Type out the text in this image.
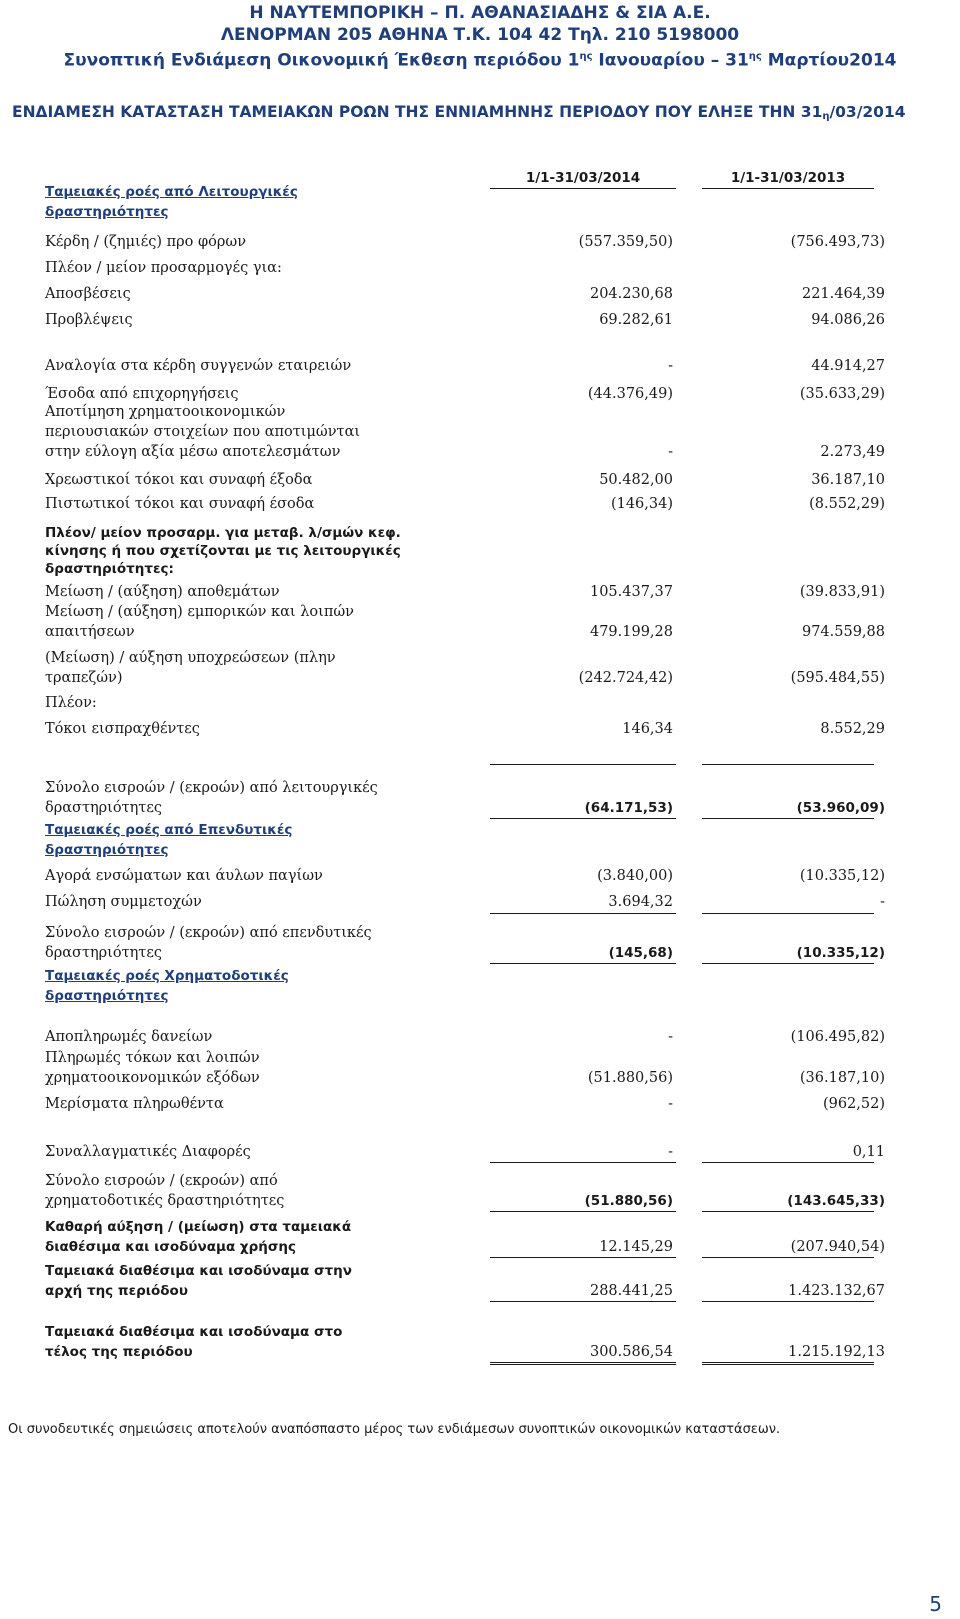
Η ΝΑΥΤΕΜΠΟΡΙΚΗ – Π. ΑΘΑΝΑΣΙΑΔΗΣ & ΣΙΑ Α.Ε.
ΛΕΝΟΡΜΑΝ 205 ΑΘΗΝΑ Τ.Κ. 104 42 Τηλ. 210 5198000
Συνοπτική Ενδιάμεση Οικονομική Έκθεση περιόδου $1^{\eta\varsigma}$ Ιανουαρίου – $31^{\eta\varsigma}$ Μαρτίου2014
ΕΝΔΙΑΜΕΣΗ ΚΑΤΑΣΤΑΣΗ ΤΑΜΕΙΑΚΩΝ ΡΟΩΝ ΤΗΣ ΕΝΝΙΑΜΗΝΗΣ ΠΕΡΙΟΔΟΥ ΠΟΥ ΕΛΗΞΕ ΤΗΝ $31_\eta/03/2014$
1/1-31/03/2014	1/1-31/03/2013
Ταμειακές ροές από Λειτουργικές
δραστηριότητες
Κέρδη / (ζημιές) προ φόρων	(557.359,50)	(756.493,73)
Πλέον / μείον προσαρμογές για:
Αποσβέσεις	204.230,68	221.464,39
Προβλέψεις	69.282,61	94.086,26
Αναλογία στα κέρδη συγγενών εταιρειών	-	44.914,27
Έσοδα από επιχορηγήσεις	(44.376,49)	(35.633,29)
Αποτίμηση χρηματοοικονομικών
περιουσιακών στοιχείων που αποτιμώνται
στην εύλογη αξία μέσω αποτελεσμάτων	-	2.273,49
Χρεωστικοί τόκοι και συναφή έξοδα	50.482,00	36.187,10
Πιστωτικοί τόκοι και συναφή έσοδα	(146,34)	(8.552,29)
Πλέον/ μείον προσαρμ. για μεταβ. λ/σμών κεφ.
κίνησης ή που σχετίζονται με τις λειτουργικές
δραστηριότητες:
Μείωση / (αύξηση) αποθεμάτων	105.437,37	(39.833,91)
Μείωση / (αύξηση) εμπορικών και λοιπών
απαιτήσεων	479.199,28	974.559,88
(Μείωση) / αύξηση υποχρεώσεων (πλην
τραπεζών)	(242.724,42)	(595.484,55)
Πλέον:
Τόκοι εισπραχθέντες	146,34	8.552,29
Σύνολο εισροών / (εκροών) από λειτουργικές
δραστηριότητες	(64.171,53)	(53.960,09)
Ταμειακές ροές από Επενδυτικές
δραστηριότητες
Αγορά ενσώματων και άυλων παγίων	(3.840,00)	(10.335,12)
Πώληση συμμετοχών	3.694,32	-
Σύνολο εισροών / (εκροών) από επενδυτικές
δραστηριότητες	(145,68)	(10.335,12)
Ταμειακές ροές Χρηματοδοτικές
δραστηριότητες
Αποπληρωμές δανείων	-	(106.495,82)
Πληρωμές τόκων και λοιπών
χρηματοοικονομικών εξόδων	(51.880,56)	(36.187,10)
Μερίσματα πληρωθέντα	-	(962,52)
Συναλλαγματικές Διαφορές	-	0,11
Σύνολο εισροών / (εκροών) από
χρηματοδοτικές δραστηριότητες	(51.880,56)	(143.645,33)
Καθαρή αύξηση / (μείωση) στα ταμειακά
διαθέσιμα και ισοδύναμα χρήσης	12.145,29	(207.940,54)
Ταμειακά διαθέσιμα και ισοδύναμα στην
αρχή της περιόδου	288.441,25	1.423.132,67
Ταμειακά διαθέσιμα και ισοδύναμα στο
τέλος της περιόδου	300.586,54	1.215.192,13
Οι συνοδευτικές σημειώσεις αποτελούν αναπόσπαστο μέρος των ενδιάμεσων συνοπτικών οικονομικών καταστάσεων.
5
